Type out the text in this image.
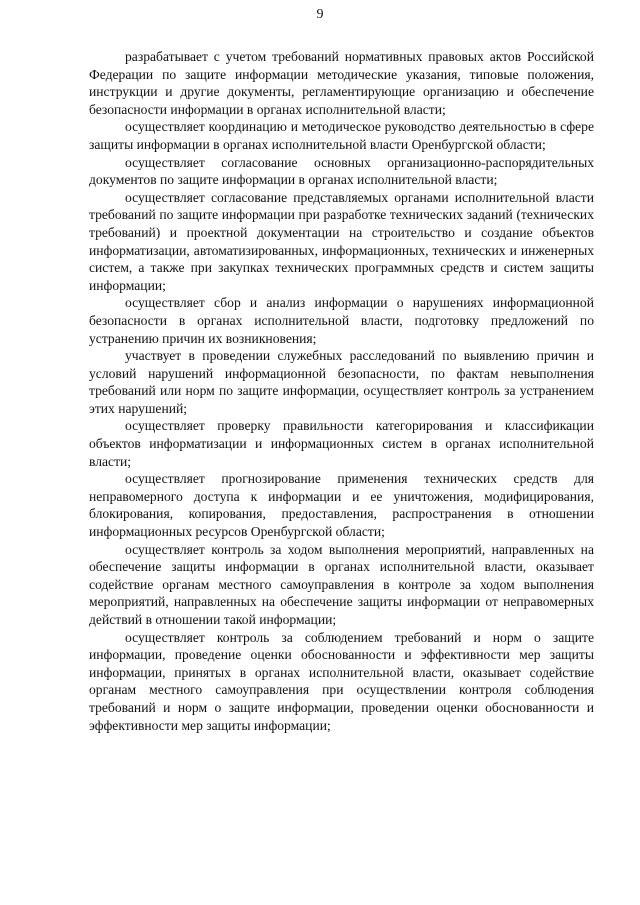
9

разрабатывает с учетом требований нормативных правовых актов Российской Федерации по защите информации методические указания, типовые положения, инструкции и другие документы, регламентирующие организацию и обеспечение безопасности информации в органах исполнительной власти;

осуществляет координацию и методическое руководство деятельностью в сфере защиты информации в органах исполнительной власти Оренбургской области;

осуществляет согласование основных организационно-распорядительных документов по защите информации в органах исполнительной власти;

осуществляет согласование представляемых органами исполнительной власти требований по защите информации при разработке технических заданий (технических требований) и проектной документации на строительство и создание объектов информатизации, автоматизированных, информационных, технических и инженерных систем, а также при закупках технических программных средств и систем защиты информации;

осуществляет сбор и анализ информации о нарушениях информационной безопасности в органах исполнительной власти, подготовку предложений по устранению причин их возникновения;

участвует в проведении служебных расследований по выявлению причин и условий нарушений информационной безопасности, по фактам невыполнения требований или норм по защите информации, осуществляет контроль за устранением этих нарушений;

осуществляет проверку правильности категорирования и классификации объектов информатизации и информационных систем в органах исполнительной власти;

осуществляет прогнозирование применения технических средств для неправомерного доступа к информации и ее уничтожения, модифицирования, блокирования, копирования, предоставления, распространения в отношении информационных ресурсов Оренбургской области;

осуществляет контроль за ходом выполнения мероприятий, направленных на обеспечение защиты информации в органах исполнительной власти, оказывает содействие органам местного самоуправления в контроле за ходом выполнения мероприятий, направленных на обеспечение защиты информации от неправомерных действий в отношении такой информации;

осуществляет контроль за соблюдением требований и норм о защите информации, проведение оценки обоснованности и эффективности мер защиты информации, принятых в органах исполнительной власти, оказывает содействие органам местного самоуправления при осуществлении контроля соблюдения требований и норм о защите информации, проведении оценки обоснованности и эффективности мер защиты информации;
